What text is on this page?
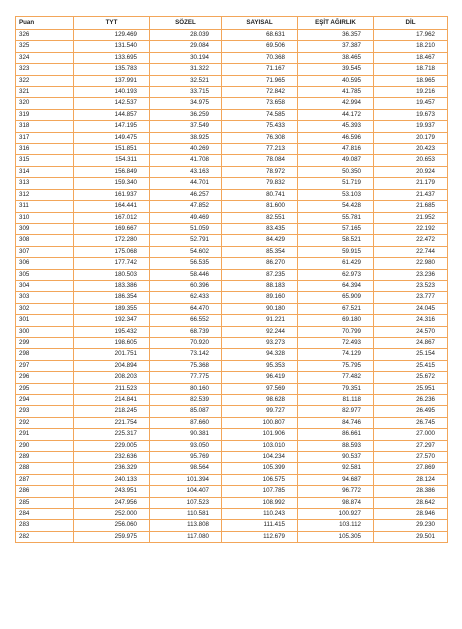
Puan	TYT	SÖZEL	SAYISAL	EŞİT AĞIRLIK	DİL
326	129.469	28.039	68.631	36.357	17.962
325	131.540	29.084	69.506	37.387	18.210
324	133.695	30.194	70.368	38.465	18.467
323	135.783	31.322	71.167	39.545	18.718
322	137.991	32.521	71.965	40.595	18.965
321	140.193	33.715	72.842	41.785	19.216
320	142.537	34.975	73.658	42.994	19.457
319	144.857	36.259	74.585	44.172	19.673
318	147.195	37.549	75.433	45.393	19.937
317	149.475	38.925	76.308	46.596	20.179
316	151.851	40.269	77.213	47.816	20.423
315	154.311	41.708	78.084	49.087	20.653
314	156.849	43.163	78.972	50.350	20.924
313	159.340	44.701	79.832	51.719	21.179
312	161.937	46.257	80.741	53.103	21.437
311	164.441	47.852	81.600	54.428	21.685
310	167.012	49.469	82.551	55.781	21.952
309	169.667	51.059	83.435	57.165	22.192
308	172.280	52.791	84.429	58.521	22.472
307	175.068	54.602	85.354	59.915	22.744
306	177.742	56.535	86.270	61.429	22.980
305	180.503	58.446	87.235	62.973	23.236
304	183.386	60.396	88.183	64.394	23.523
303	186.354	62.433	89.160	65.909	23.777
302	189.355	64.470	90.180	67.521	24.045
301	192.347	66.552	91.221	69.180	24.316
300	195.432	68.739	92.244	70.799	24.570
299	198.605	70.920	93.273	72.493	24.867
298	201.751	73.142	94.328	74.129	25.154
297	204.894	75.368	95.353	75.795	25.415
296	208.203	77.775	96.419	77.482	25.672
295	211.523	80.160	97.569	79.351	25.951
294	214.841	82.539	98.628	81.118	26.236
293	218.245	85.087	99.727	82.977	26.495
292	221.754	87.660	100.807	84.746	26.745
291	225.317	90.381	101.906	86.661	27.000
290	229.005	93.050	103.010	88.593	27.297
289	232.636	95.769	104.234	90.537	27.570
288	236.329	98.564	105.399	92.581	27.869
287	240.133	101.394	106.575	94.687	28.124
286	243.951	104.407	107.785	96.772	28.386
285	247.956	107.523	108.992	98.874	28.642
284	252.000	110.581	110.243	100.927	28.946
283	256.060	113.808	111.415	103.112	29.230
282	259.975	117.080	112.679	105.305	29.501
